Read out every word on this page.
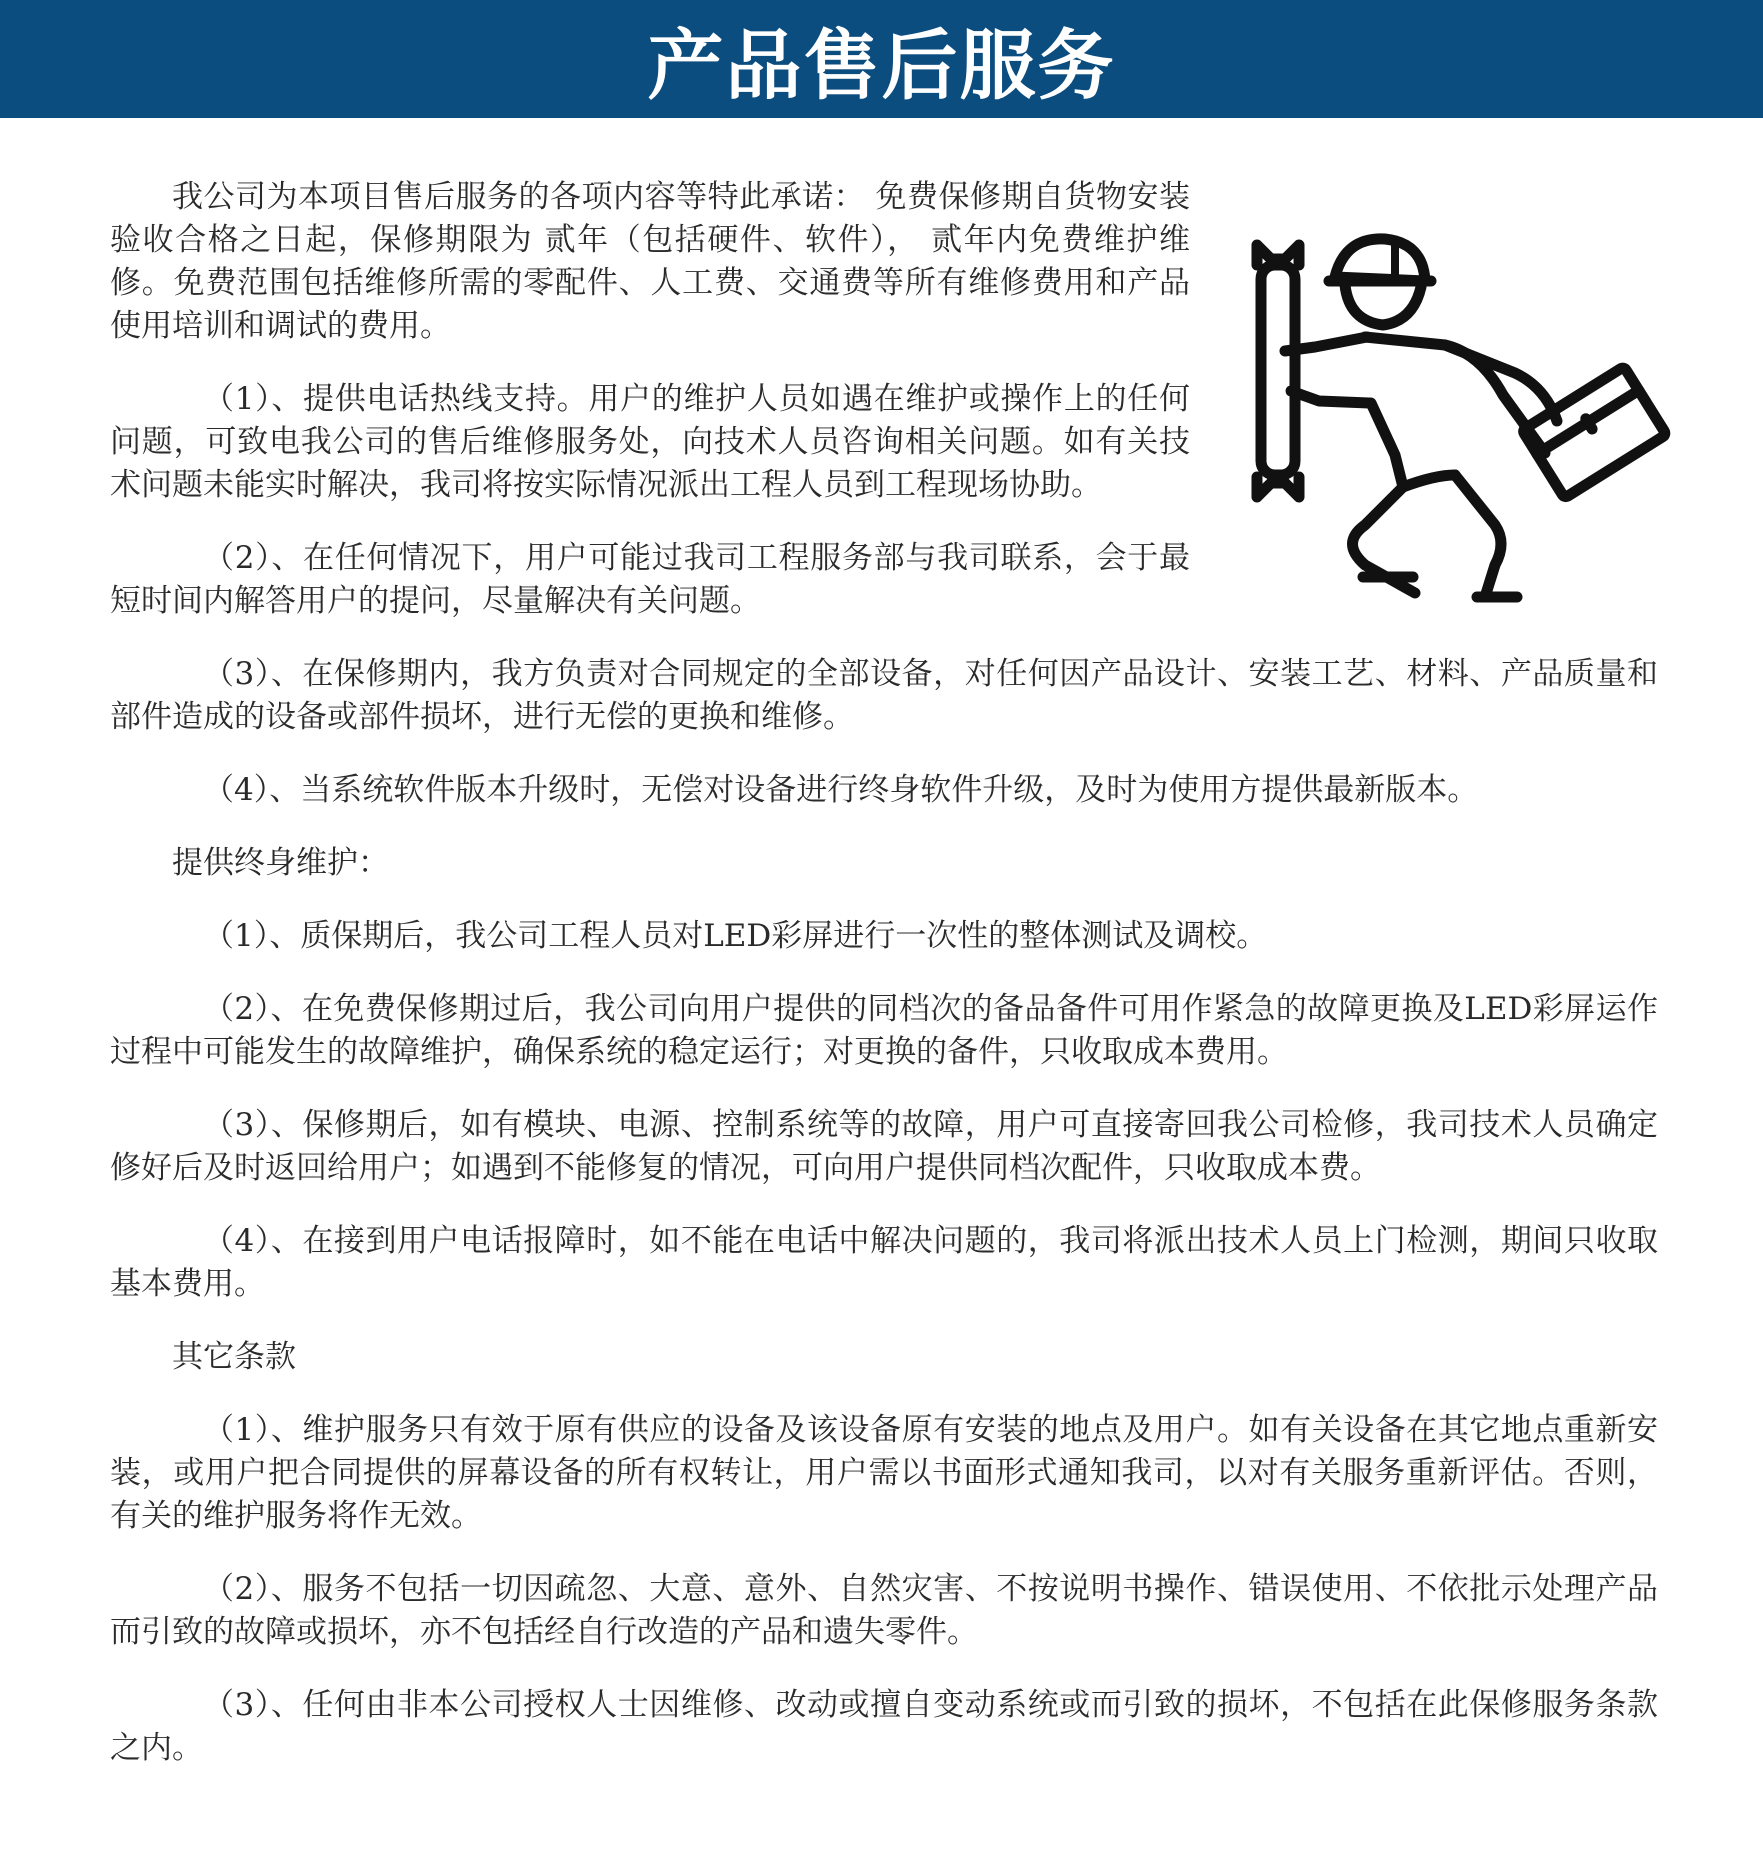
产品售后服务

我公司为本项目售后服务的各项内容等特此承诺： 免费保修期自货物安装验收合格之日起，保修期限为 贰年（包括硬件、软件）， 贰年内免费维护维修。免费范围包括维修所需的零配件、人工费、交通费等所有维修费用和产品使用培训和调试的费用。

（1）、提供电话热线支持。用户的维护人员如遇在维护或操作上的任何问题，可致电我公司的售后维修服务处，向技术人员咨询相关问题。如有关技术问题未能实时解决，我司将按实际情况派出工程人员到工程现场协助。

（2）、在任何情况下，用户可能过我司工程服务部与我司联系，会于最短时间内解答用户的提问，尽量解决有关问题。

（3）、在保修期内，我方负责对合同规定的全部设备，对任何因产品设计、安装工艺、材料、产品质量和部件造成的设备或部件损坏，进行无偿的更换和维修。

（4）、当系统软件版本升级时，无偿对设备进行终身软件升级，及时为使用方提供最新版本。

提供终身维护：

（1）、质保期后，我公司工程人员对LED彩屏进行一次性的整体测试及调校。

（2）、在免费保修期过后，我公司向用户提供的同档次的备品备件可用作紧急的故障更换及LED彩屏运作过程中可能发生的故障维护，确保系统的稳定运行；对更换的备件，只收取成本费用。

（3）、保修期后，如有模块、电源、控制系统等的故障，用户可直接寄回我公司检修，我司技术人员确定修好后及时返回给用户；如遇到不能修复的情况，可向用户提供同档次配件，只收取成本费。

（4）、在接到用户电话报障时，如不能在电话中解决问题的，我司将派出技术人员上门检测，期间只收取基本费用。

其它条款

（1）、维护服务只有效于原有供应的设备及该设备原有安装的地点及用户。如有关设备在其它地点重新安装，或用户把合同提供的屏幕设备的所有权转让，用户需以书面形式通知我司，以对有关服务重新评估。否则，有关的维护服务将作无效。

（2）、服务不包括一切因疏忽、大意、意外、自然灾害、不按说明书操作、错误使用、不依批示处理产品而引致的故障或损坏，亦不包括经自行改造的产品和遗失零件。

（3）、任何由非本公司授权人士因维修、改动或擅自变动系统或而引致的损坏，不包括在此保修服务条款之内。
